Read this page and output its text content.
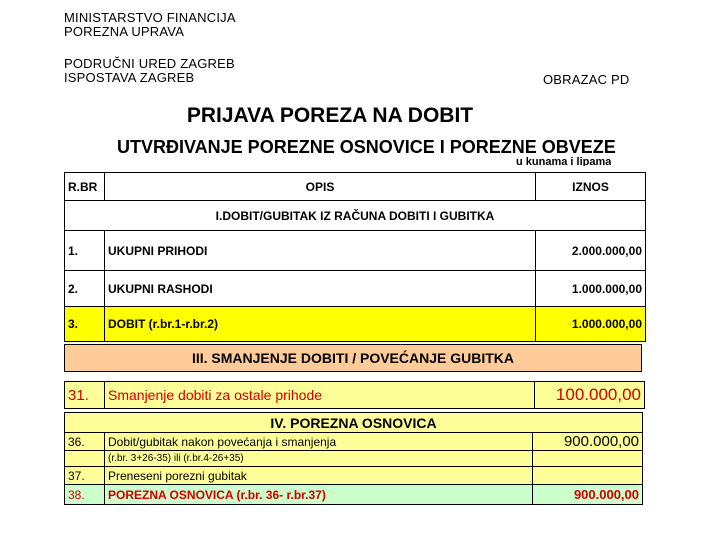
MINISTARSTVO FINANCIJA
POREZNA UPRAVA
PODRUČNI URED ZAGREB
ISPOSTAVA ZAGREB	OBRAZAC PD
PRIJAVA POREZA NA DOBIT
UTVRĐIVANJE POREZNE OSNOVICE I POREZNE OBVEZE
u kunama i lipama
R.BR	OPIS	IZNOS
I.DOBIT/GUBITAK IZ RAČUNA DOBITI I GUBITKA		
1.	UKUPNI PRIHODI	2.000.000,00
2.	UKUPNI RASHODI	1.000.000,00
3.	DOBIT (r.br.1-r.br.2)	1.000.000,00
III. SMANJENJE DOBITI / POVEĆANJE GUBITKA
31.	Smanjenje dobiti za ostale prihode	100.000,00
IV. POREZNA OSNOVICA		
36.	Dobit/gubitak nakon povećanja i smanjenja	900.000,00
	(r.br. 3+26-35) ili (r.br.4-26+35)	
37.	Preneseni porezni gubitak	
38.	POREZNA OSNOVICA (r.br. 36- r.br.37)	900.000,00
